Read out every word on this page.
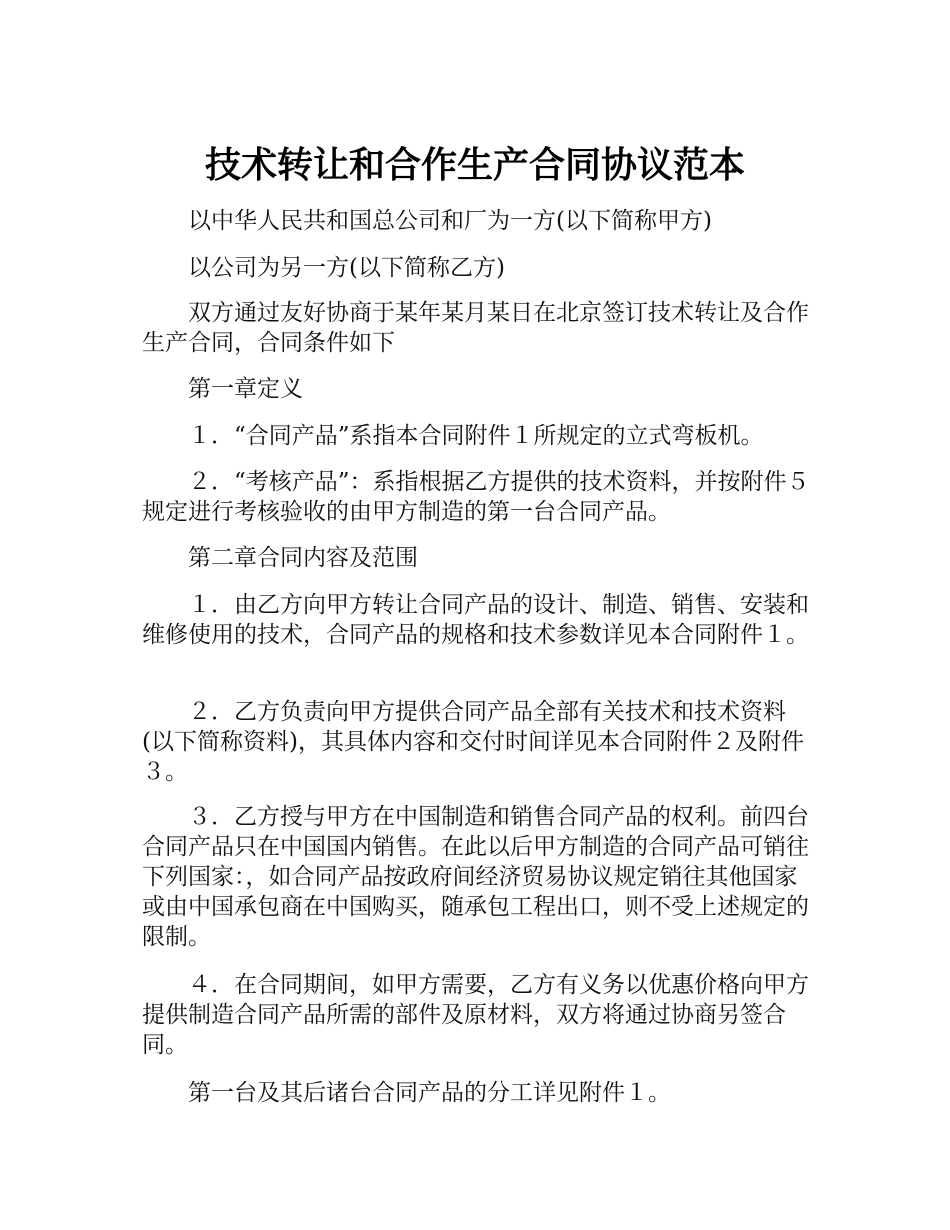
技术转让和合作生产合同协议范本

以中华人民共和国总公司和厂为一方(以下简称甲方)

以公司为另一方(以下简称乙方)

双方通过友好协商于某年某月某日在北京签订技术转让及合作生产合同，合同条件如下

第一章定义

１．“合同产品”系指本合同附件１所规定的立式弯板机。

２．“考核产品”：系指根据乙方提供的技术资料，并按附件５规定进行考核验收的由甲方制造的第一台合同产品。

第二章合同内容及范围

１．由乙方向甲方转让合同产品的设计、制造、销售、安装和维修使用的技术，合同产品的规格和技术参数详见本合同附件１。

２．乙方负责向甲方提供合同产品全部有关技术和技术资料(以下简称资料)，其具体内容和交付时间详见本合同附件２及附件３。

３．乙方授与甲方在中国制造和销售合同产品的权利。前四台合同产品只在中国国内销售。在此以后甲方制造的合同产品可销往下列国家：，如合同产品按政府间经济贸易协议规定销往其他国家或由中国承包商在中国购买，随承包工程出口，则不受上述规定的限制。

４．在合同期间，如甲方需要，乙方有义务以优惠价格向甲方提供制造合同产品所需的部件及原材料，双方将通过协商另签合同。

第一台及其后诸台合同产品的分工详见附件１。
